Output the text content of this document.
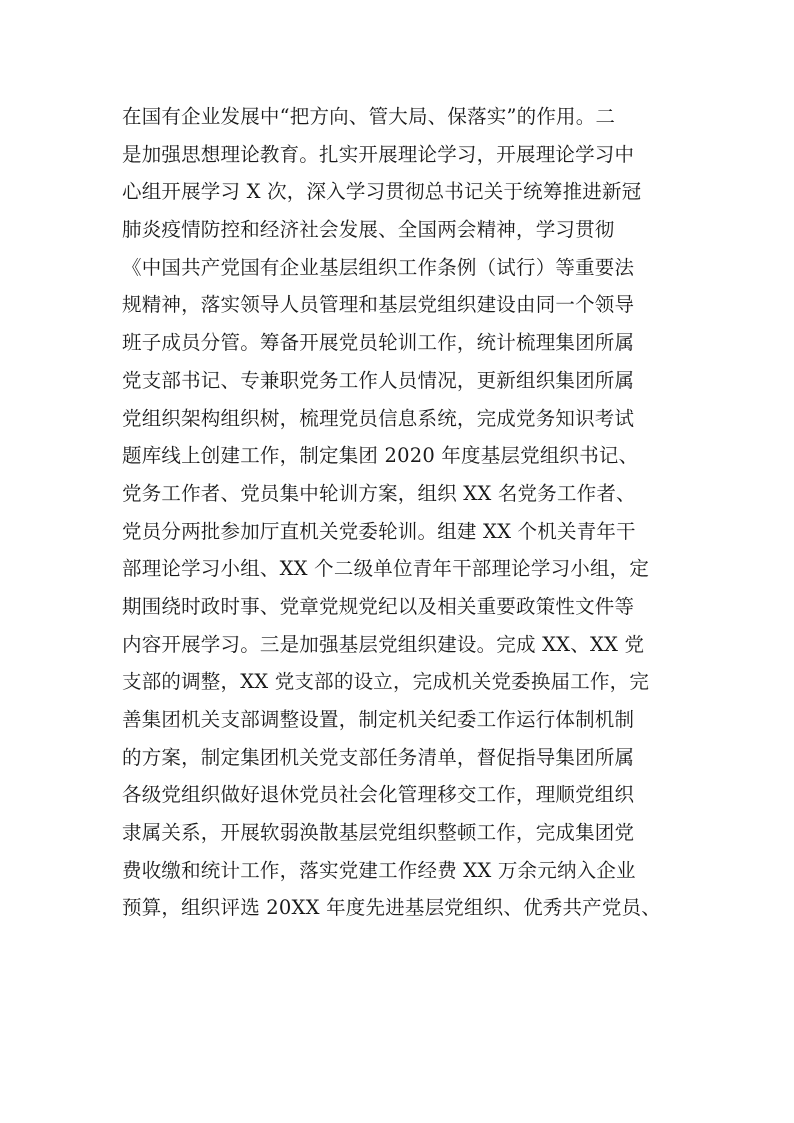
在国有企业发展中“把方向、管大局、保落实”的作用。二
是加强思想理论教育。扎实开展理论学习，开展理论学习中
心组开展学习 X 次，深入学习贯彻总书记关于统筹推进新冠
肺炎疫情防控和经济社会发展、全国两会精神，学习贯彻
《中国共产党国有企业基层组织工作条例（试行）等重要法
规精神，落实领导人员管理和基层党组织建设由同一个领导
班子成员分管。筹备开展党员轮训工作，统计梳理集团所属
党支部书记、专兼职党务工作人员情况，更新组织集团所属
党组织架构组织树，梳理党员信息系统，完成党务知识考试
题库线上创建工作，制定集团 2020 年度基层党组织书记、
党务工作者、党员集中轮训方案，组织 XX 名党务工作者、
党员分两批参加厅直机关党委轮训。组建 XX 个机关青年干
部理论学习小组、XX 个二级单位青年干部理论学习小组，定
期围绕时政时事、党章党规党纪以及相关重要政策性文件等
内容开展学习。三是加强基层党组织建设。完成 XX、XX 党
支部的调整，XX 党支部的设立，完成机关党委换届工作，完
善集团机关支部调整设置，制定机关纪委工作运行体制机制
的方案，制定集团机关党支部任务清单，督促指导集团所属
各级党组织做好退休党员社会化管理移交工作，理顺党组织
隶属关系，开展软弱涣散基层党组织整顿工作，完成集团党
费收缴和统计工作，落实党建工作经费 XX 万余元纳入企业
预算，组织评选 20XX 年度先进基层党组织、优秀共产党员、
